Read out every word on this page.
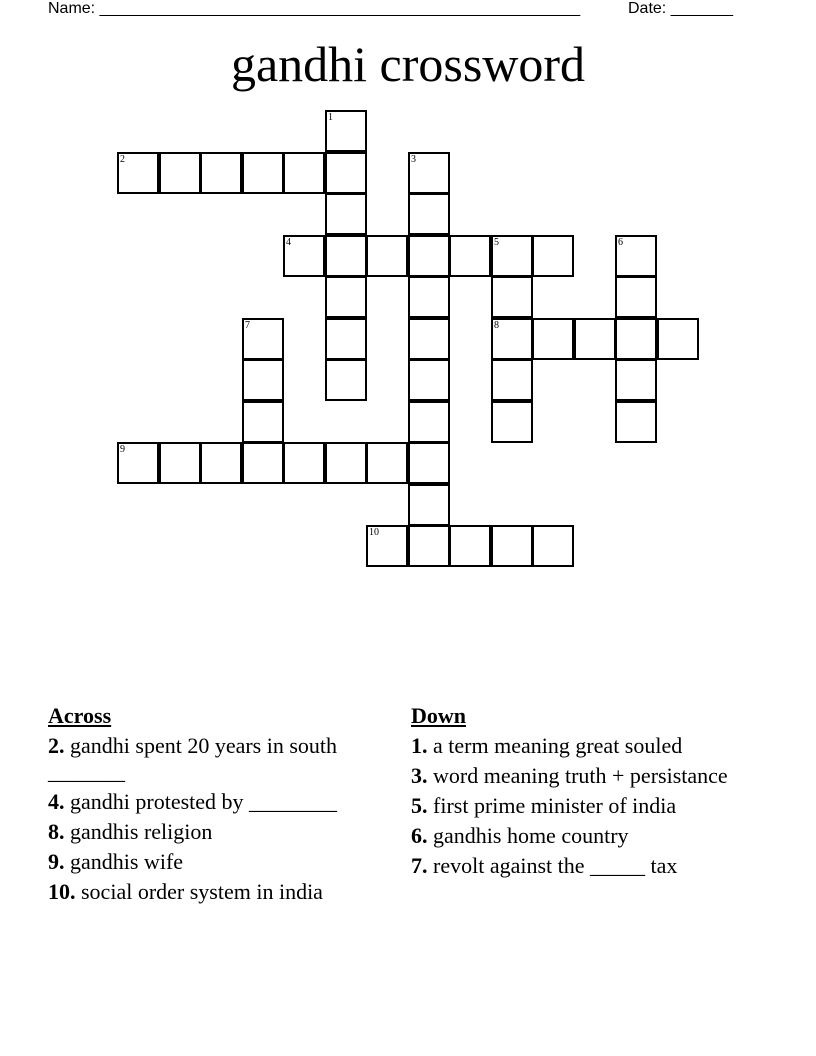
Name: ______________________________________________________	Date: _______
gandhi crossword
1
2	3
4	5	6
7	8
9
10
Across
2. gandhi spent 20 years in south _______
4. gandhi protested by ________
8. gandhis religion
9. gandhis wife
10. social order system in india
Down
1. a term meaning great souled
3. word meaning truth + persistance
5. first prime minister of india
6. gandhis home country
7. revolt against the _____ tax
